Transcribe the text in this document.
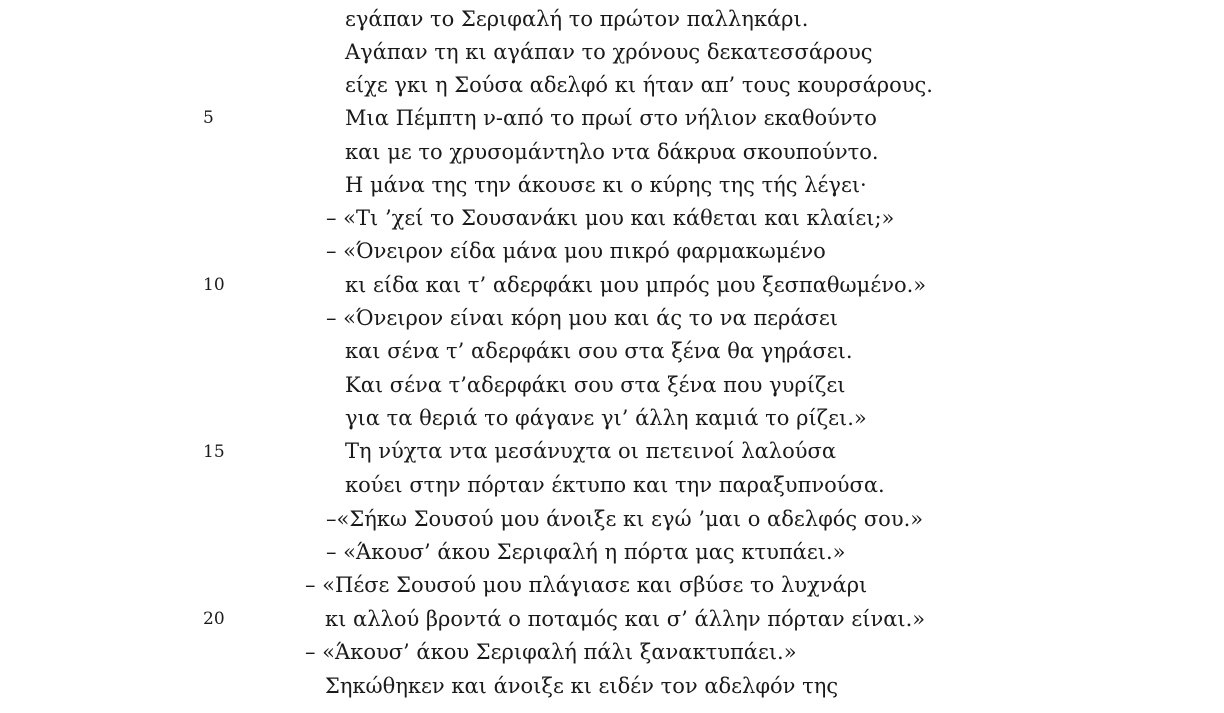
εγάπαν το Σεριφαλή το πρώτον παλληκάρι.
Αγάπαν τη κι αγάπαν το χρόνους δεκατεσσάρους
είχε γκι η Σούσα αδελφό κι ήταν απ’ τους κουρσάρους.
Μια Πέμπτη ν-από το πρωί στο νήλιον εκαθούντο
και με το χρυσομάντηλο ντα δάκρυα σκουπούντο.
Η μάνα της την άκουσε κι ο κύρης της τής λέγει·
– «Τι ’χεί το Σουσανάκι μου και κάθεται και κλαίει;»
– «Όνειρον είδα μάνα μου πικρό φαρμακωμένο
κι είδα και τ’ αδερφάκι μου μπρός μου ξεσπαθωμένο.»
– «Όνειρον είναι κόρη μου και άς το να περάσει
και σένα τ’ αδερφάκι σου στα ξένα θα γηράσει.
Και σένα τ’αδερφάκι σου στα ξένα που γυρίζει
για τα θεριά το φάγανε γι’ άλλη καμιά το ρίζει.»
Τη νύχτα ντα μεσάνυχτα οι πετεινοί λαλούσα
κούει στην πόρταν έκτυπο και την παραξυπνούσα.
–«Σήκω Σουσού μου άνοιξε κι εγώ ’μαι ο αδελφός σου.»
– «Άκουσ’ άκου Σεριφαλή η πόρτα μας κτυπάει.»
– «Πέσε Σουσού μου πλάγιασε και σβύσε το λυχνάρι
κι αλλού βροντά ο ποταμός και σ’ άλλην πόρταν είναι.»
– «Άκουσ’ άκου Σεριφαλή πάλι ξανακτυπάει.»
Σηκώθηκεν και άνοιξε κι ειδέν τον αδελφόν της
5
10
15
20
